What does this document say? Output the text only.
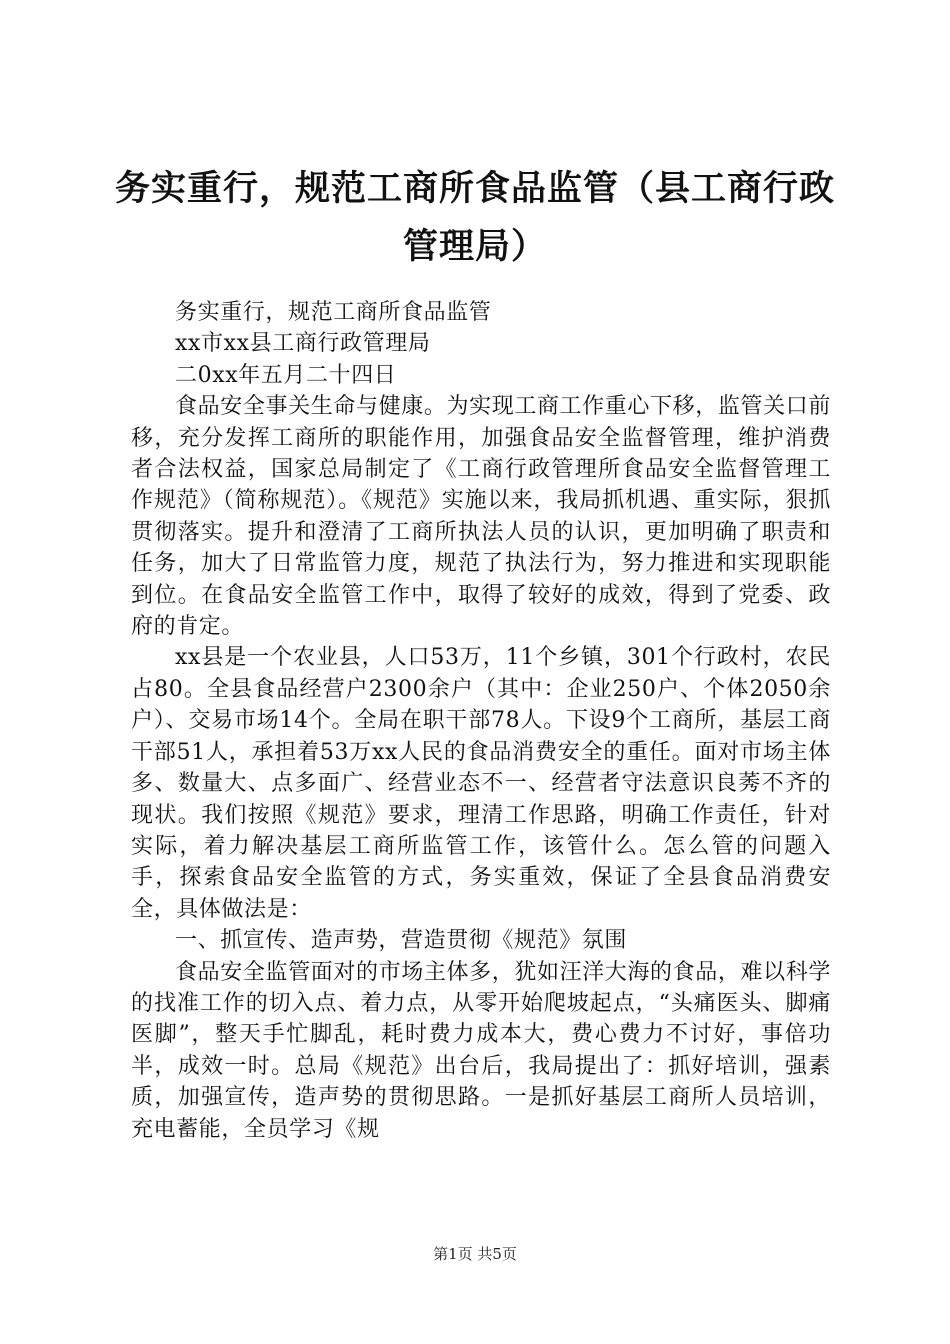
务实重行，规范工商所食品监管（县工商行政管理局）

务实重行，规范工商所食品监管

xx市xx县工商行政管理局

二0xx年五月二十四日

食品安全事关生命与健康。为实现工商工作重心下移，监管关口前移，充分发挥工商所的职能作用，加强食品安全监督管理，维护消费者合法权益，国家总局制定了《工商行政管理所食品安全监督管理工作规范》（简称规范）。《规范》实施以来，我局抓机遇、重实际，狠抓贯彻落实。提升和澄清了工商所执法人员的认识，更加明确了职责和任务，加大了日常监管力度，规范了执法行为，努力推进和实现职能到位。在食品安全监管工作中，取得了较好的成效，得到了党委、政府的肯定。

xx县是一个农业县，人口53万，11个乡镇，301个行政村，农民占80。全县食品经营户2300余户（其中：企业250户、个体2050余户）、交易市场14个。全局在职干部78人。下设9个工商所，基层工商干部51人，承担着53万xx人民的食品消费安全的重任。面对市场主体多、数量大、点多面广、经营业态不一、经营者守法意识良莠不齐的现状。我们按照《规范》要求，理清工作思路，明确工作责任，针对实际，着力解决基层工商所监管工作，该管什么。怎么管的问题入手，探索食品安全监管的方式，务实重效，保证了全县食品消费安全，具体做法是：

一、抓宣传、造声势，营造贯彻《规范》氛围

食品安全监管面对的市场主体多，犹如汪洋大海的食品，难以科学的找准工作的切入点、着力点，从零开始爬坡起点，“头痛医头、脚痛医脚”，整天手忙脚乱，耗时费力成本大，费心费力不讨好，事倍功半，成效一时。总局《规范》出台后，我局提出了：抓好培训，强素质，加强宣传，造声势的贯彻思路。一是抓好基层工商所人员培训，充电蓄能，全员学习《规

第1页 共5页
